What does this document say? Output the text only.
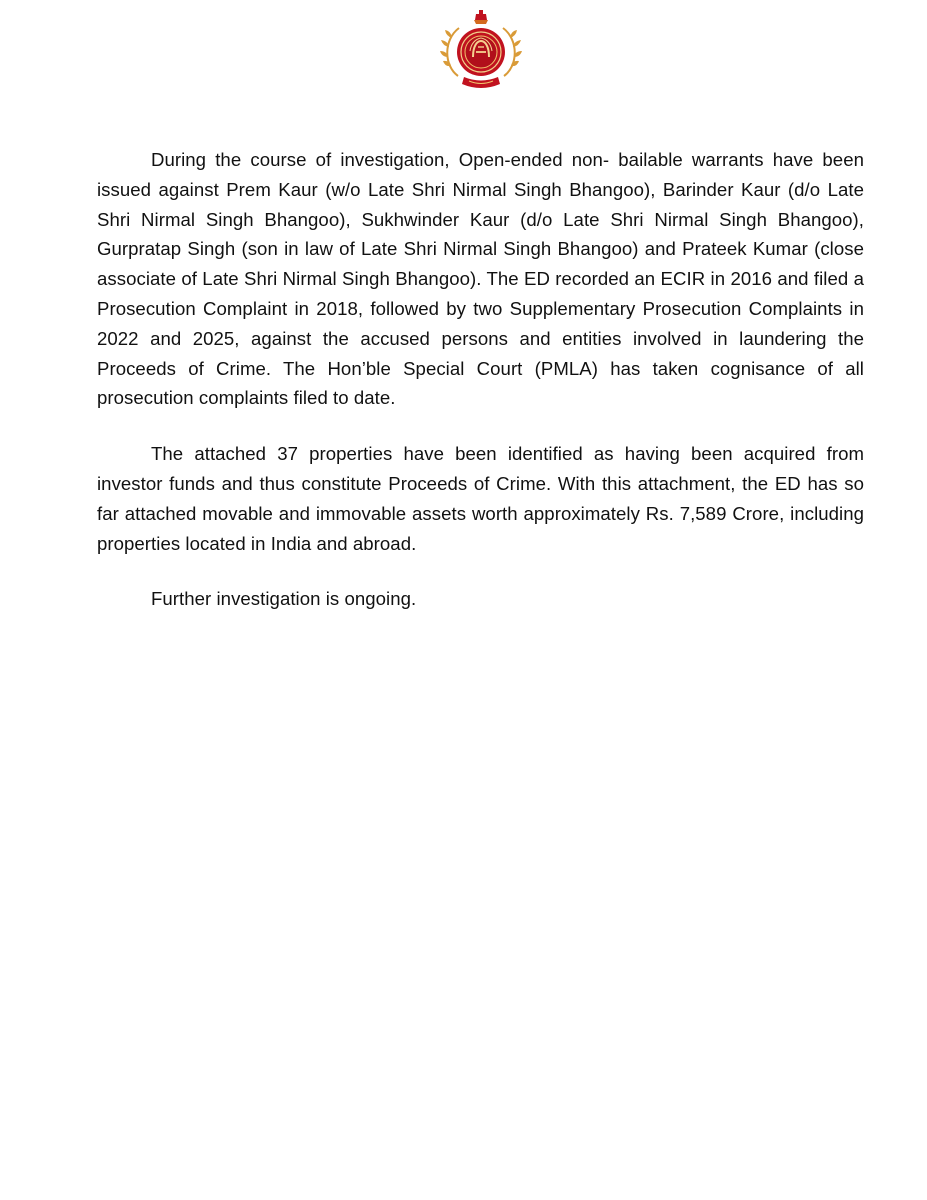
During the course of investigation, Open-ended non- bailable warrants have been issued against Prem Kaur (w/o Late Shri Nirmal Singh Bhangoo), Barinder Kaur (d/o Late Shri Nirmal Singh Bhangoo), Sukhwinder Kaur (d/o Late Shri Nirmal Singh Bhangoo), Gurpratap Singh (son in law of Late Shri Nirmal Singh Bhangoo) and Prateek Kumar (close associate of Late Shri Nirmal Singh Bhangoo). The ED recorded an ECIR in 2016 and filed a Prosecution Complaint in 2018, followed by two Supplementary Prosecution Complaints in 2022 and 2025, against the accused persons and entities involved in laundering the Proceeds of Crime. The Hon’ble Special Court (PMLA) has taken cognisance of all prosecution complaints filed to date.

The attached 37 properties have been identified as having been acquired from investor funds and thus constitute Proceeds of Crime. With this attachment, the ED has so far attached movable and immovable assets worth approximately Rs. 7,589 Crore, including properties located in India and abroad.

Further investigation is ongoing.
